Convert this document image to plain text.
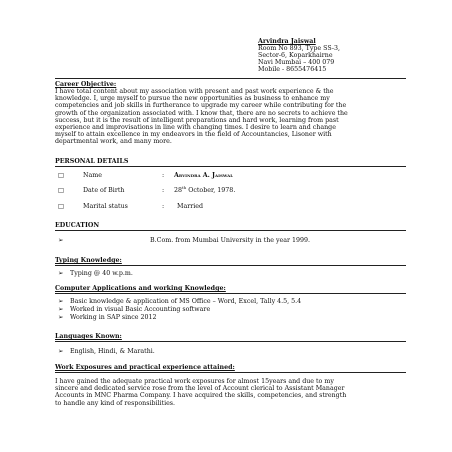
Arvindra Jaiswal
Room No 893, Type SS-3,
Sector-6, Koparkhairne
Navi Mumbai – 400 079
Mobile - 8655476415
Career Objective:
I have total content about my association with present and past work experience & the
knowledge. I, urge myself to pursue the new opportunities as business to enhance my
competencies and job skills in furtherance to upgrade my career while contributing for the
growth of the organization associated with. I know that, there are no secrets to achieve the
success, but it is the result of intelligent preparations and hard work, learning from past
experience and improvisations in line with changing times. I desire to learn and change
myself to attain excellence in my endeavors in the field of Accountancies, Lisoner with
departmental work, and many more.
PERSONAL DETAILS
□	Name	: Arvindra A. Jaiswal
□	Date of Birth	: 28th October, 1978.
□	Marital status	: Married
EDUCATION
➢	B.Com. from Mumbai University in the year 1999.
Typing Knowledge:
➢ Typing @ 40 w.p.m.
Computer Applications and working Knowledge:
➢ Basic knowledge & application of MS Office – Word, Excel, Tally 4.5, 5.4
➢ Worked in visual Basic Accounting software
➢ Working in SAP since 2012
Languages Known:
➢ English, Hindi, & Marathi.
Work Exposures and practical experience attained:
I have gained the adequate practical work exposures for almost 15years and due to my
sincere and dedicated service rose from the level of Account clerical to Assistant Manager
Accounts in MNC Pharma Company. I have acquired the skills, competencies, and strength
to handle any kind of responsibilities.
